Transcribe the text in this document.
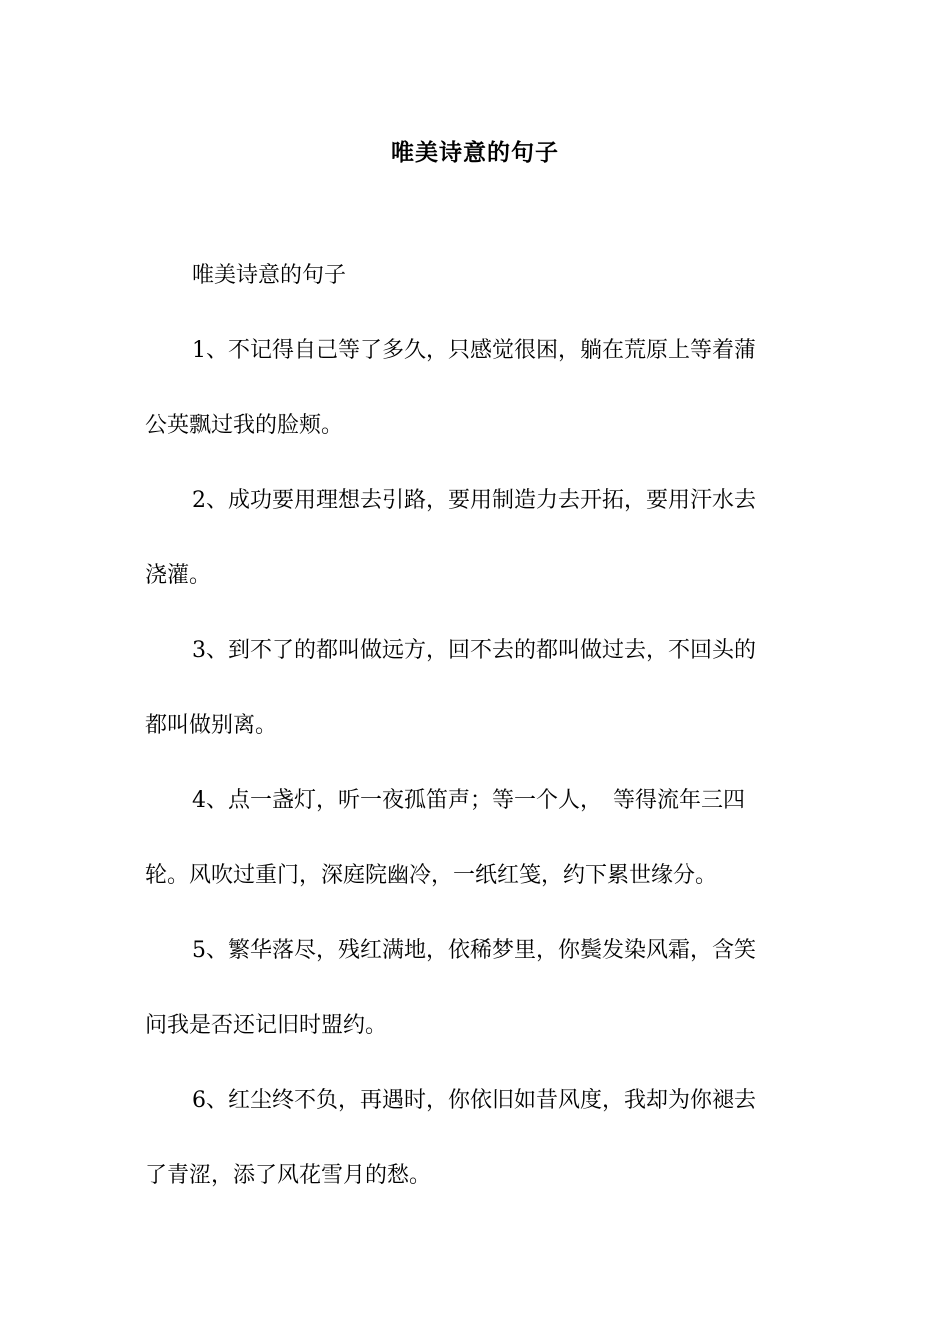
唯美诗意的句子

唯美诗意的句子

1、不记得自己等了多久，只感觉很困，躺在荒原上等着蒲
公英飘过我的脸颊。

2、成功要用理想去引路，要用制造力去开拓，要用汗水去
浇灌。

3、到不了的都叫做远方，回不去的都叫做过去，不回头的
都叫做别离。

4、点一盏灯，听一夜孤笛声；等一个人，　等得流年三四
轮。风吹过重门，深庭院幽冷，一纸红笺，约下累世缘分。

5、繁华落尽，残红满地，依稀梦里，你鬓发染风霜，含笑
问我是否还记旧时盟约。

6、红尘终不负，再遇时，你依旧如昔风度，我却为你褪去
了青涩，添了风花雪月的愁。
